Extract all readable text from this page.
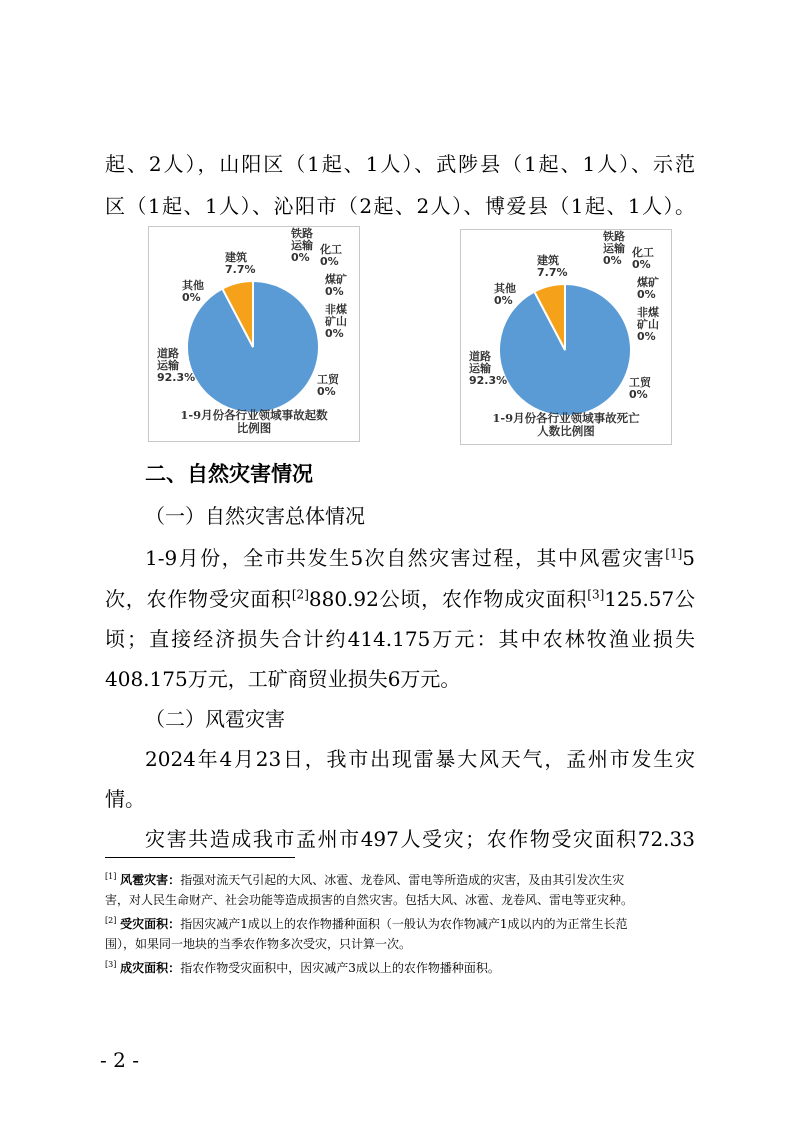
起、2人），山阳区（1起、1人）、武陟县（1起、1人）、示范
区（1起、1人）、沁阳市（2起、2人）、博爱县（1起、1人）。
道路
运输
92.3%
建筑
7.7%
其他
0%
铁路
运输
0%
化工
0%
煤矿
0%
非煤
矿山
0%
工贸
0%
1-9月份各行业领域事故起数
比例图
道路
运输
92.3%
建筑
7.7%
其他
0%
铁路
运输
0%
化工
0%
煤矿
0%
非煤
矿山
0%
工贸
0%
1-9月份各行业领域事故死亡
人数比例图
二、自然灾害情况
（一）自然灾害总体情况
1-9月份，全市共发生5次自然灾害过程，其中风雹灾害[1]5
次，农作物受灾面积[2]880.92公顷，农作物成灾面积[3]125.57公
顷；直接经济损失合计约414.175万元：其中农林牧渔业损失
408.175万元，工矿商贸业损失6万元。
（二）风雹灾害
2024年4月23日，我市出现雷暴大风天气，孟州市发生灾
情。
灾害共造成我市孟州市497人受灾；农作物受灾面积72.33
[1] 风雹灾害：指强对流天气引起的大风、冰雹、龙卷风、雷电等所造成的灾害，及由其引发次生灾
害，对人民生命财产、社会功能等造成损害的自然灾害。包括大风、冰雹、龙卷风、雷电等亚灾种。
[2] 受灾面积：指因灾减产1成以上的农作物播种面积（一般认为农作物减产1成以内的为正常生长范
围），如果同一地块的当季农作物多次受灾，只计算一次。
[3] 成灾面积：指农作物受灾面积中，因灾减产3成以上的农作物播种面积。
- 2 -
